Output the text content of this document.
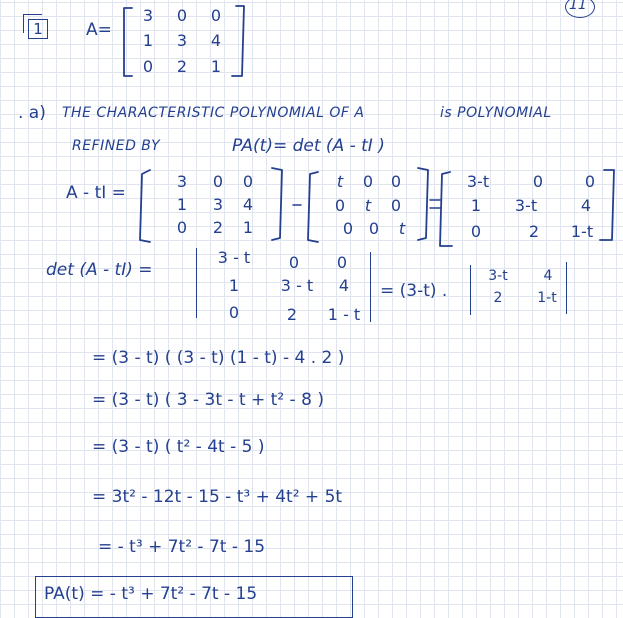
11
1	A=
3	0	0
1	3	4
0	2	1
. a) THE CHARACTERISTIC POLYNOMIAL OF A	is POLYNOMIAL
REFINED BY	PA(t)= det (A - tI )
A - tI =
3	0	0
1	3	4
0	2	1
t	0	0
0	t	0
0 0	t
3-t	0	0
1	3-t	4
0	2	1-t
det (A - tI) =
3 - t	0	0
1	3 - t	4
0	2	1 - t
= (3-t) .
3-t	4
2	1-t
= (3 - t) ( (3 - t) (1 - t) - 4 . 2 )
= (3 - t) ( 3 - 3t - t + t² - 8 )
= (3 - t) ( t² - 4t - 5 )
= 3t² - 12t - 15 - t³ + 4t² + 5t
= - t³ + 7t² - 7t - 15
PA(t) = - t³ + 7t² - 7t - 15
